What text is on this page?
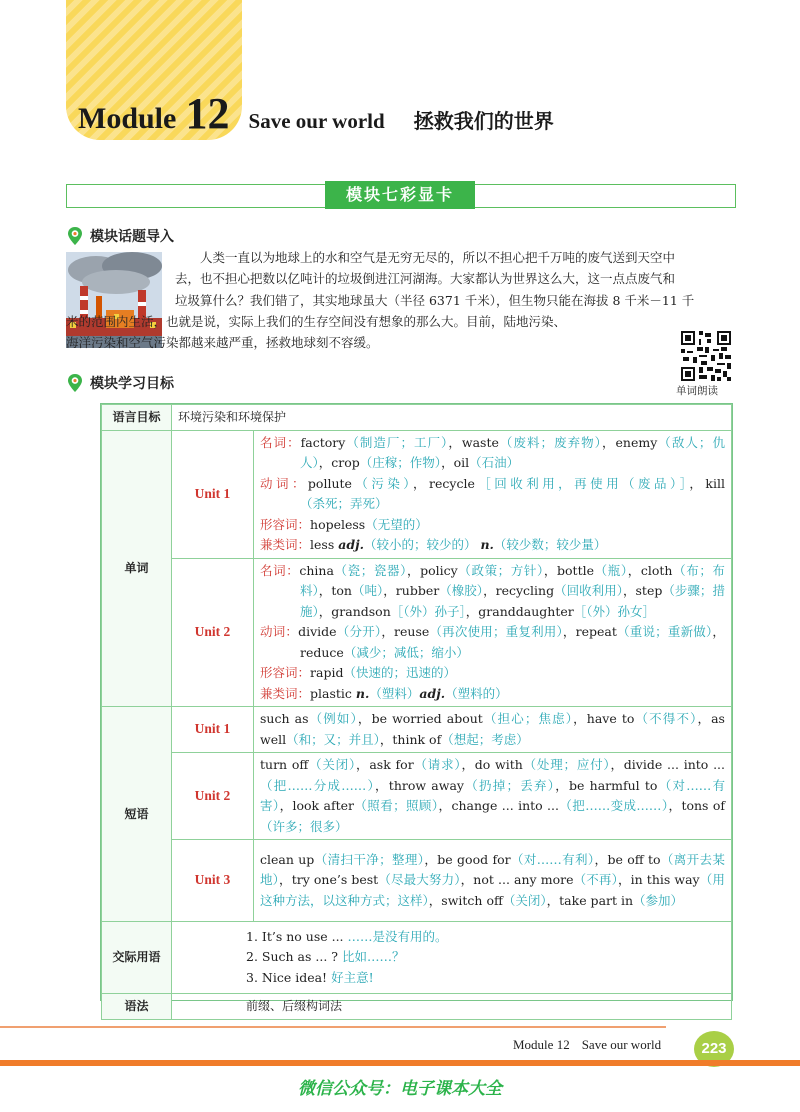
Module 12 Save our world 拯救我们的世界
模块七彩显卡
模块话题导入
人类一直以为地球上的水和空气是无穷无尽的，所以不担心把千万吨的废气送到天空中
去，也不担心把数以亿吨计的垃圾倒进江河湖海。大家都认为世界这么大，这一点点废气和
垃圾算什么？我们错了，其实地球虽大（半径 6371 千米），但生物只能在海拔 8 千米－11 千
米的范围内生活，也就是说，实际上我们的生存空间没有想象的那么大。目前，陆地污染、
海洋污染和空气污染都越来越严重，拯救地球刻不容缓。
单词朗读
模块学习目标
语言目标	环境污染和环境保护	
单词	Unit 1	名词：factory（制造厂；工厂），waste（废料；废弃物），enemy（敌人；仇人），crop（庄稼；作物），oil（石油）
动词：pollute（污染），recycle［回收利用，再使用（废品）］，kill（杀死；弄死）
形容词：hopeless（无望的）
兼类词：less adj.（较小的；较少的） n.（较少数；较少量）

	Unit 2	名词：china（瓷；瓷器），policy（政策；方针），bottle（瓶），cloth（布；布料），ton（吨），rubber（橡胶），recycling（回收利用），step（步骤；措施），grandson［（外）孙子］，granddaughter［（外）孙女］
动词：divide（分开），reuse（再次使用；重复利用），repeat（重说；重新做），reduce（减少；减低；缩小）
形容词：rapid（快速的；迅速的）
兼类词：plastic n.（塑料）adj.（塑料的）

短语	Unit 1	such as（例如），be worried about（担心；焦虑），have to（不得不），as well（和；又；并且），think of（想起；考虑）
	Unit 2	turn off（关闭），ask for（请求），do with（处理；应付），divide ... into ...（把……分成……），throw away（扔掉；丢弃），be harmful to（对……有害），look after（照看；照顾），change ... into ...（把……变成……），tons of（许多；很多）
	Unit 3	clean up（清扫干净；整理），be good for（对……有利），be off to（离开去某地），try one’s best（尽最大努力），not ... any more（不再），in this way（用这种方法，以这种方式；这样），switch off（关闭），take part in（参加）
交际用语	1. It’s no use ... ……是没有用的。
2. Such as ... ? 比如……？
3. Nice idea! 好主意!	

语法	前缀、后缀构词法	
Module 12 Save our world	223
微信公众号：电子课本大全
